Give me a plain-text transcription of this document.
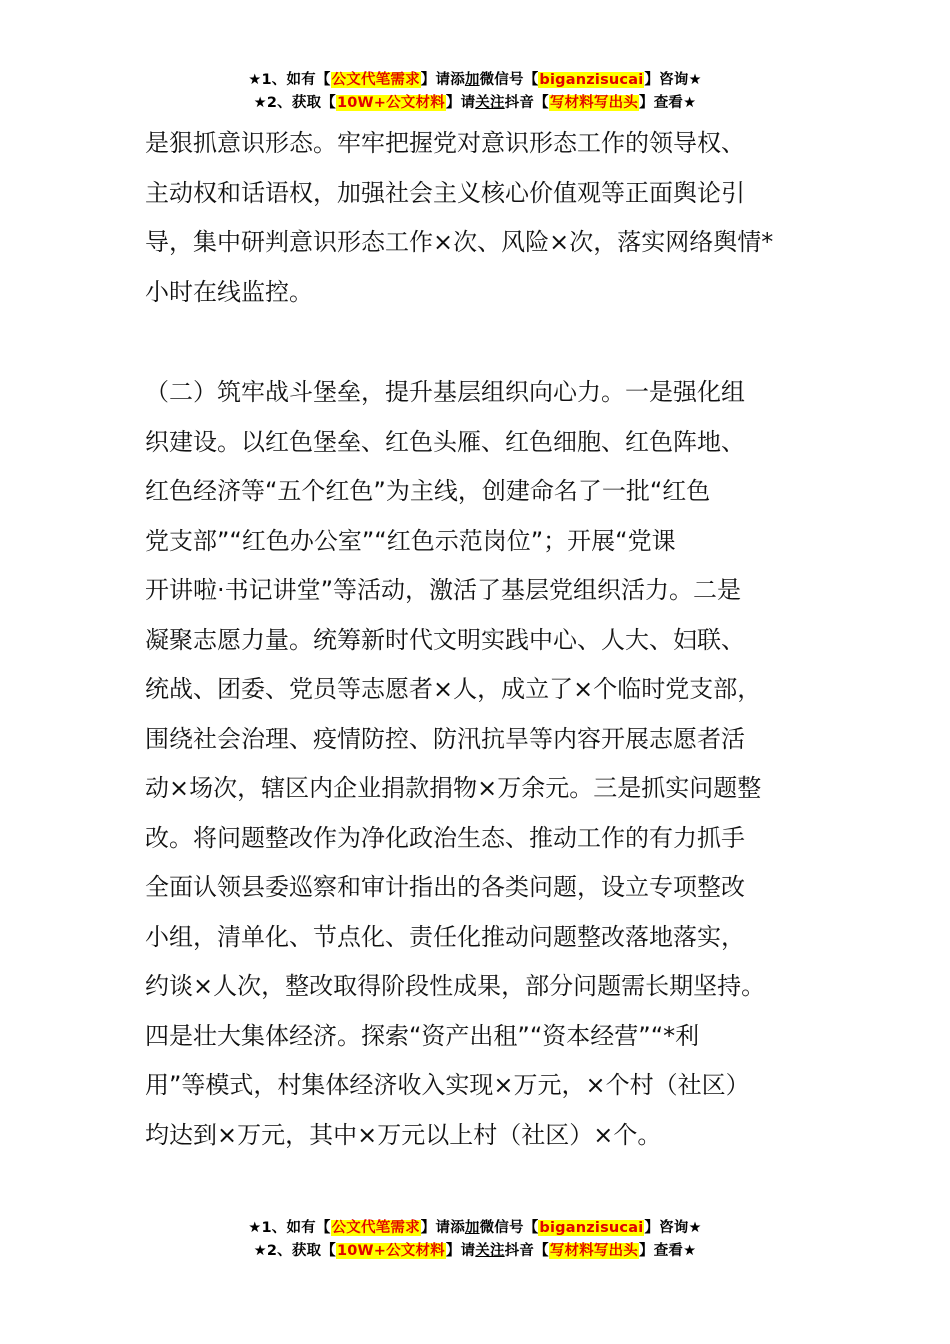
★1、如有【公文代笔需求】请添加微信号【biganzisucai】咨询★
★2、获取【10W+公文材料】请关注抖音【写材料写出头】查看★
是狠抓意识形态。牢牢把握党对意识形态工作的领导权、
主动权和话语权，加强社会主义核心价值观等正面舆论引
导，集中研判意识形态工作×次、风险×次，落实网络舆情*
小时在线监控。
（二）筑牢战斗堡垒，提升基层组织向心力。一是强化组
织建设。以红色堡垒、红色头雁、红色细胞、红色阵地、
红色经济等“五个红色”为主线，创建命名了一批“红色
党支部”“红色办公室”“红色示范岗位”；开展“党课
开讲啦·书记讲堂”等活动，激活了基层党组织活力。二是
凝聚志愿力量。统筹新时代文明实践中心、人大、妇联、
统战、团委、党员等志愿者×人，成立了×个临时党支部，
围绕社会治理、疫情防控、防汛抗旱等内容开展志愿者活
动×场次，辖区内企业捐款捐物×万余元。三是抓实问题整
改。将问题整改作为净化政治生态、推动工作的有力抓手
全面认领县委巡察和审计指出的各类问题，设立专项整改
小组，清单化、节点化、责任化推动问题整改落地落实，
约谈×人次，整改取得阶段性成果，部分问题需长期坚持。
四是壮大集体经济。探索“资产出租”“资本经营”“*利
用”等模式，村集体经济收入实现×万元，×个村（社区）
均达到×万元，其中×万元以上村（社区）×个。
★1、如有【公文代笔需求】请添加微信号【biganzisucai】咨询★
★2、获取【10W+公文材料】请关注抖音【写材料写出头】查看★
